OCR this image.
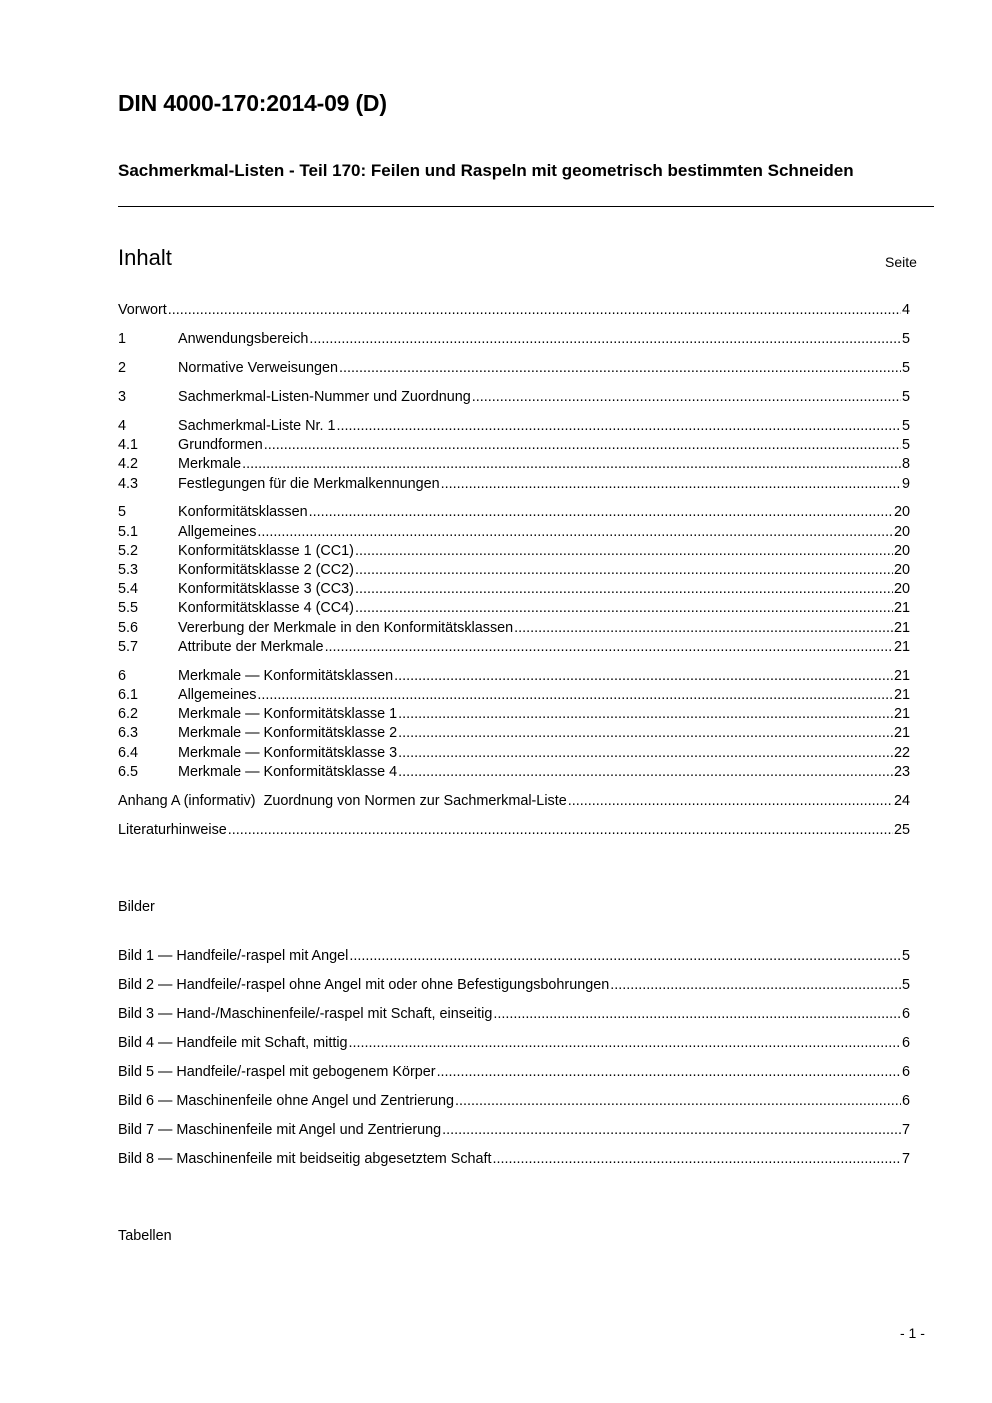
DIN 4000-170:2014-09 (D)
Sachmerkmal-Listen - Teil 170: Feilen und Raspeln mit geometrisch bestimmten Schneiden
Inhalt	Seite
Vorwort .....	4
1	Anwendungsbereich .....	5
2	Normative Verweisungen .....	5
3	Sachmerkmal-Listen-Nummer und Zuordnung .....	5
4	Sachmerkmal-Liste Nr. 1 .....	5
4.1	Grundformen .....	5
4.2	Merkmale .....	8
4.3	Festlegungen für die Merkmalkennungen .....	9
5	Konformitätsklassen .....	20
5.1	Allgemeines .....	20
5.2	Konformitätsklasse 1 (CC1) .....	20
5.3	Konformitätsklasse 2 (CC2) .....	20
5.4	Konformitätsklasse 3 (CC3) .....	20
5.5	Konformitätsklasse 4 (CC4) .....	21
5.6	Vererbung der Merkmale in den Konformitätsklassen .....	21
5.7	Attribute der Merkmale .....	21
6	Merkmale — Konformitätsklassen .....	21
6.1	Allgemeines .....	21
6.2	Merkmale — Konformitätsklasse 1 .....	21
6.3	Merkmale — Konformitätsklasse 2 .....	21
6.4	Merkmale — Konformitätsklasse 3 .....	22
6.5	Merkmale — Konformitätsklasse 4 .....	23
Anhang A (informativ)  Zuordnung von Normen zur Sachmerkmal-Liste .....	24
Literaturhinweise .....	25
Bilder
Bild 1 — Handfeile/-raspel mit Angel .....	5
Bild 2 — Handfeile/-raspel ohne Angel mit oder ohne Befestigungsbohrungen .....	5
Bild 3 — Hand-/Maschinenfeile/-raspel mit Schaft, einseitig .....	6
Bild 4 — Handfeile mit Schaft, mittig .....	6
Bild 5 — Handfeile/-raspel mit gebogenem Körper .....	6
Bild 6 — Maschinenfeile ohne Angel und Zentrierung .....	6
Bild 7 — Maschinenfeile mit Angel und Zentrierung .....	7
Bild 8 — Maschinenfeile mit beidseitig abgesetztem Schaft .....	7
Tabellen
- 1 -
